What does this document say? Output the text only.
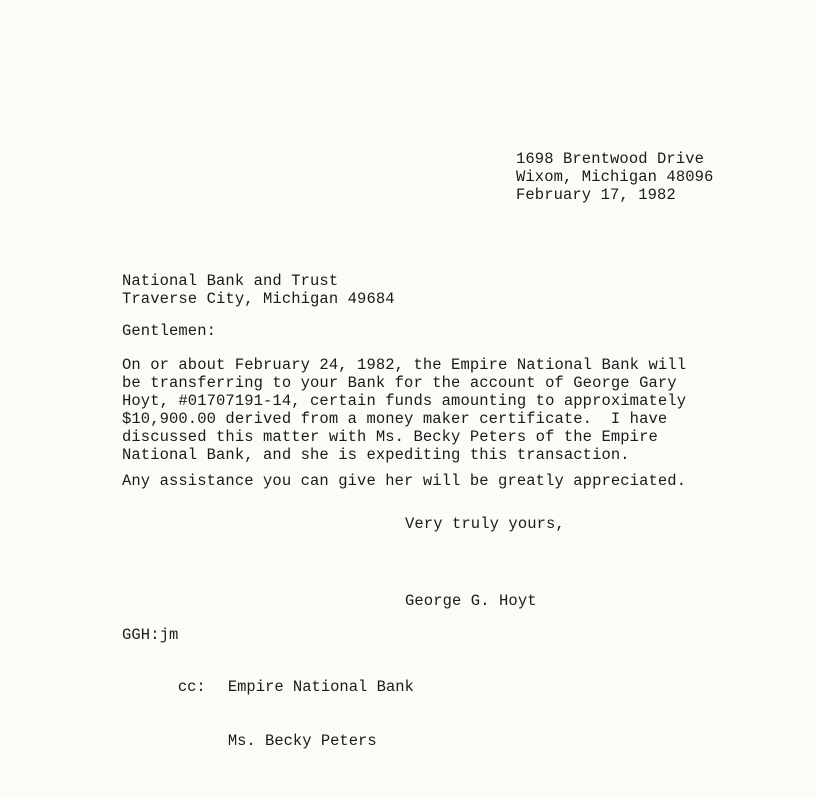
1698 Brentwood Drive
Wixom, Michigan 48096
February 17, 1982
National Bank and Trust
Traverse City, Michigan 49684
Gentlemen:
On or about February 24, 1982, the Empire National Bank will
be transferring to your Bank for the account of George Gary
Hoyt, #01707191-14, certain funds amounting to approximately
$10,900.00 derived from a money maker certificate.  I have
discussed this matter with Ms. Becky Peters of the Empire
National Bank, and she is expediting this transaction.
Any assistance you can give her will be greatly appreciated.
Very truly yours,
George G. Hoyt
GGH:jm

cc: Empire National Bank

Ms. Becky Peters
